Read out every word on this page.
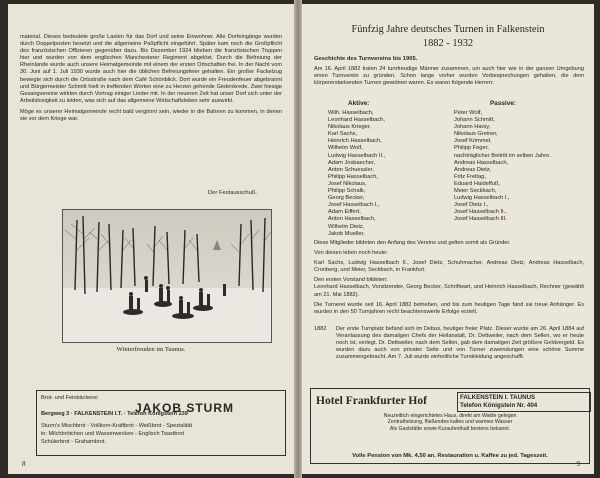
material. Dieses bedeutete große Lasten für das Dorf und seine Einwohner. Alle Dorfeingänge wurden durch Doppelposten besetzt und die allgemeine Paßpflicht eingeführt. Später kam noch die Großpflicht des französischen Offizieren gegenüber dazu. Bis Dezember 1924 blieben die französischen Truppen hier und wurden von dem englischen Manchesterer Regiment abgelöst. Durch die Befreiung der Rheinlande wurde auch unsere Heimatgemeinde mit einem der ersten Ortschaften frei. In der Nacht vom 30. Juni auf 1. Juli 1930 wurde auch hier die üblichen Befreiungsfeier gehalten. Ein großer Fackelzug bewegte sich durch die Ortsstraße nach dem Café Schönblick. Dort wurde ein Freudenfeuer abgebrannt und Bürgermeister Schmitt hielt in treffenden Worten eine zu Herzen gehende Gedenkrede. Zwei hiesige Gesangvereine wirkten durch Vortrag einiger Lieder mit. In der neueren Zeit hat unser Dorf sich unter der Arbeitslosigkeit zu leiden, was sich auf das allgemeine Wirtschaftsleben sehr auswirkt.

Möge es unserer Heimatgemeinde recht bald vergönnt sein, wieder in die Bahnen zu kommen, in denen sie vor dem Kriege war.

Der Festausschuß.
Winterfreuden im Taunus.
Brot- und Feinbäckerei
JAKOB STURM
Bergweg 3 · FALKENSTEIN I.T. · Telefon Königstein 239
Sturm's Mischbrot - Vollkorn-Kraftbrot - Weißbrot - Spezialität
in: Milchbrötchen und Wasserwecken - Englisch Toastbrot
Schülerbrot - Grahambrot.
8
Fünfzig Jahre deutsches Turnen in Falkenstein
1882 - 1932
Geschichte des Turnvereins bis 1905.

Am 16. April 1882 traten 24 turnfreudige Männer zusammen, um auch hier wie in der ganzen Umgebung einen Turnverein zu gründen. Schon lange vorher wurden Vorbesprechungen gehalten, die dem körpererstarkenden Turnen gewidmet waren. Es waren folgende Herren:

Aktive:	Passive:
Wilh. Hasselbach,
Leonhard Hasselbach,
Nikolaus Krieger,
Karl Sachs,
Heinrich Hasselbach,
Wilhelm Wolf,
Ludwig Hasselbach II.,
Adam Josbaecher,
Anton Schuessler,
Philipp Hasselbach,
Josef Nikolaus,
Philipp Schalk,
Georg Becker,
Josef Hasselbach I.,
Adam Eiffert,
Anton Hasselbach,
Wilhelm Dietz,
Jakob Mueller,
Peter Wolf,
Johann Schmitt,
Johann Harsy,
Nikolaus Greiner,
Josef Krimmel,
Philipp Feger,
nachträglicher Beitritt im selben Jahre.
Andreas Hasselbach,
Andreas Dietz,
Fritz Freitag,
Eduard Haideffuß,
Meier Seckbach,
Ludwig Hasselbach I.,
Josef Dietz I.,
Josef Hasselbach II.,
Josef Hasselbach III.

Diese Mitglieder bildeten den Anfang des Vereins und gelten somit als Gründer.

Von diesen leben noch heute:

Karl Sachs, Ludwig Hasselbach II., Josef Dietz, Schuhmacher, Andreas Dietz, Andreas Hasselbach, Cronberg, und Meier, Seckbach, in Frankfurt.

Den ersten Vorstand bildeten:

Leonhard Hasselbach, Vorsitzender, Georg Becker, Schriftwart, und Heinrich Hasselbach, Rechner (gewählt am 21. Mai 1882).

Die Turnerei wurde seit 16. April 1882 betrieben, und bis zum heutigen Tage fand sie treue Anhänger. Es wurden in den 50 Turnjahren recht beachtenswerte Erfolge erzielt.

1882 Der erste Turnplatz befand sich im Debus, heutiger freier Platz. Dieser wurde am 26. April 1884 auf Veranlassung des damaligen Chefs der Heilanstalt, Dr. Dettweiler, nach dem Sellen, wo er heute noch ist, verlegt. Dr. Dettweiler, nach dem Sellen, gab dem damaligen Zeit größere Geldvergeld. Es wurden dazu auch von privater Seite und von Turner zuwendungen eine schöne Summe zusammengebracht. Am 7. Juli wurde einheitliche Turnkleidung angeschafft.

Hotel Frankfurter Hof	FALKENSTEIN I. TAUNUS
Telefon Königstein Nr. 404
Neuzeitlich eingerichtetes Haus, direkt am Walde gelegen
Zentralheizung, fließendes kaltes und warmes Wasser
Als Gaststätte sowie Kuraufenthalt bestens bekannt.
Volle Pension von Mk. 4,50 an. Restauration u. Kaffee zu jed. Tageszeit.
9
